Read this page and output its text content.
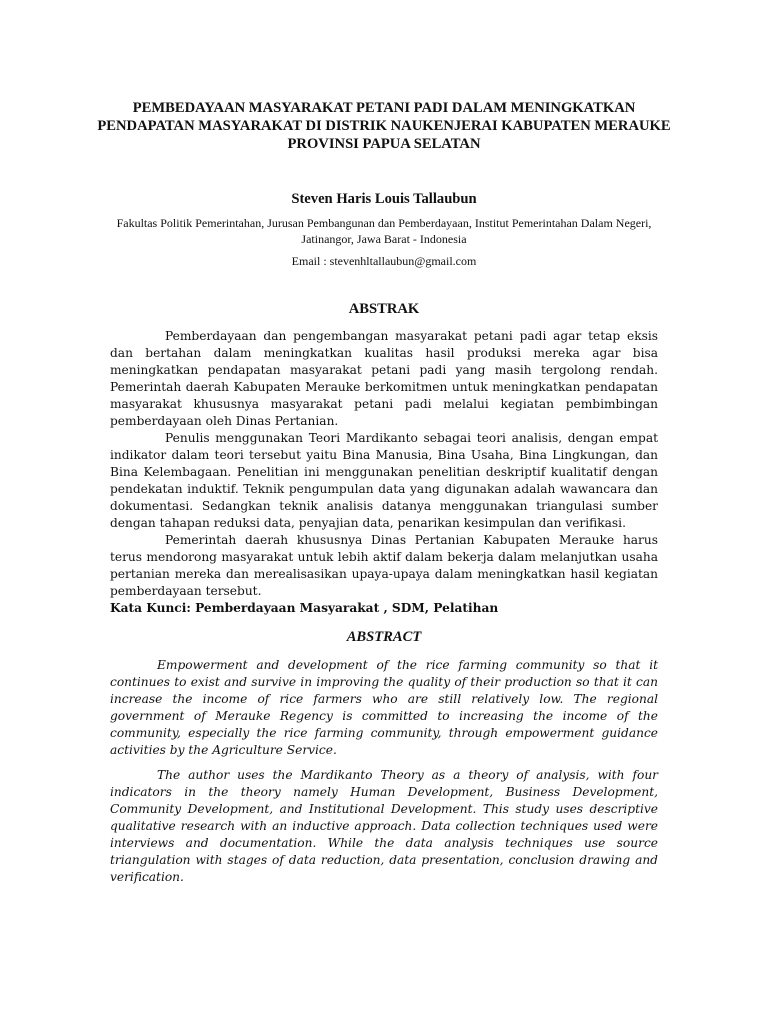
PEMBEDAYAAN MASYARAKAT PETANI PADI DALAM MENINGKATKAN PENDAPATAN MASYARAKAT DI DISTRIK NAUKENJERAI KABUPATEN MERAUKE PROVINSI PAPUA SELATAN

Steven Haris Louis Tallaubun

Fakultas Politik Pemerintahan, Jurusan Pembangunan dan Pemberdayaan, Institut Pemerintahan Dalam Negeri, Jatinangor, Jawa Barat - Indonesia

Email : stevenhltallaubun@gmail.com

ABSTRAK

Pemberdayaan dan pengembangan masyarakat petani padi agar tetap eksis dan bertahan dalam meningkatkan kualitas hasil produksi mereka agar bisa meningkatkan pendapatan masyarakat petani padi yang masih tergolong rendah. Pemerintah daerah Kabupaten Merauke berkomitmen untuk meningkatkan pendapatan masyarakat khususnya masyarakat petani padi melalui kegiatan pembimbingan pemberdayaan oleh Dinas Pertanian.

Penulis menggunakan Teori Mardikanto sebagai teori analisis, dengan empat indikator dalam teori tersebut yaitu Bina Manusia, Bina Usaha, Bina Lingkungan, dan Bina Kelembagaan. Penelitian ini menggunakan penelitian deskriptif kualitatif dengan pendekatan induktif. Teknik pengumpulan data yang digunakan adalah wawancara dan dokumentasi. Sedangkan teknik analisis datanya menggunakan triangulasi sumber dengan tahapan reduksi data, penyajian data, penarikan kesimpulan dan verifikasi.

Pemerintah daerah khususnya Dinas Pertanian Kabupaten Merauke harus terus mendorong masyarakat untuk lebih aktif dalam bekerja dalam melanjutkan usaha pertanian mereka dan merealisasikan upaya-upaya dalam meningkatkan hasil kegiatan pemberdayaan tersebut.

Kata Kunci: Pemberdayaan Masyarakat , SDM, Pelatihan

ABSTRACT

Empowerment and development of the rice farming community so that it continues to exist and survive in improving the quality of their production so that it can increase the income of rice farmers who are still relatively low. The regional government of Merauke Regency is committed to increasing the income of the community, especially the rice farming community, through empowerment guidance activities by the Agriculture Service.

The author uses the Mardikanto Theory as a theory of analysis, with four indicators in the theory namely Human Development, Business Development, Community Development, and Institutional Development. This study uses descriptive qualitative research with an inductive approach. Data collection techniques used were interviews and documentation. While the data analysis techniques use source triangulation with stages of data reduction, data presentation, conclusion drawing and verification.
